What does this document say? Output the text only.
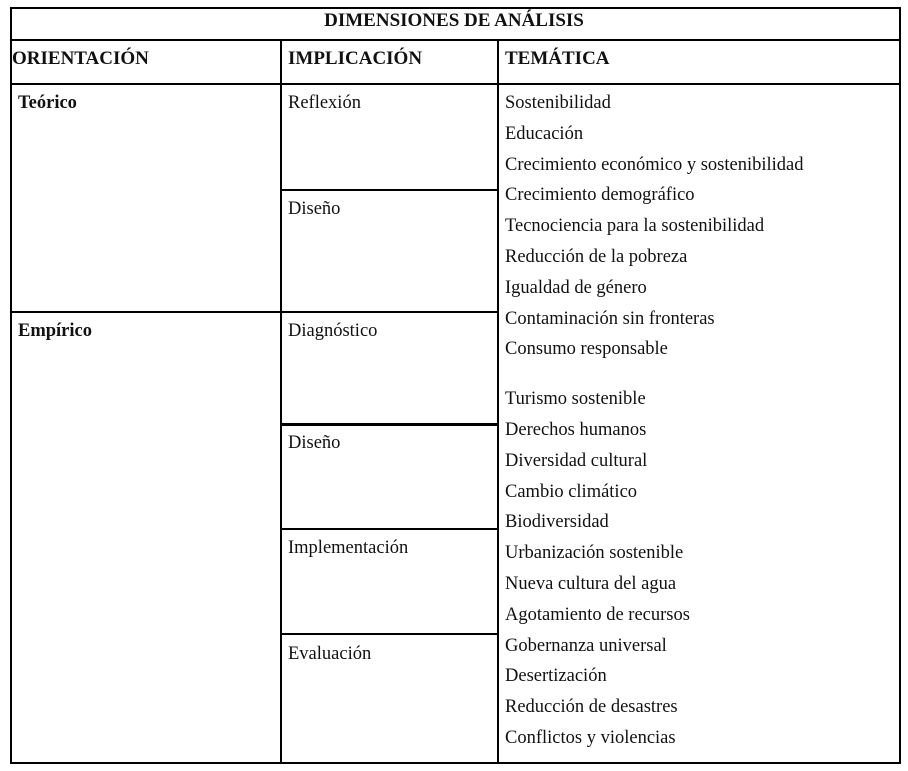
DIMENSIONES DE ANÁLISIS
ORIENTACIÓN	IMPLICACIÓN	TEMÁTICA
Teórico
Empírico
Reflexión
Diseño
Diagnóstico
Diseño
Implementación
Evaluación
Sostenibilidad
Educación
Crecimiento económico y sostenibilidad
Crecimiento demográfico
Tecnociencia para la sostenibilidad
Reducción de la pobreza
Igualdad de género
Contaminación sin fronteras
Consumo responsable
Turismo sostenible
Derechos humanos
Diversidad cultural
Cambio climático
Biodiversidad
Urbanización sostenible
Nueva cultura del agua
Agotamiento de recursos
Gobernanza universal
Desertización
Reducción de desastres
Conflictos y violencias
